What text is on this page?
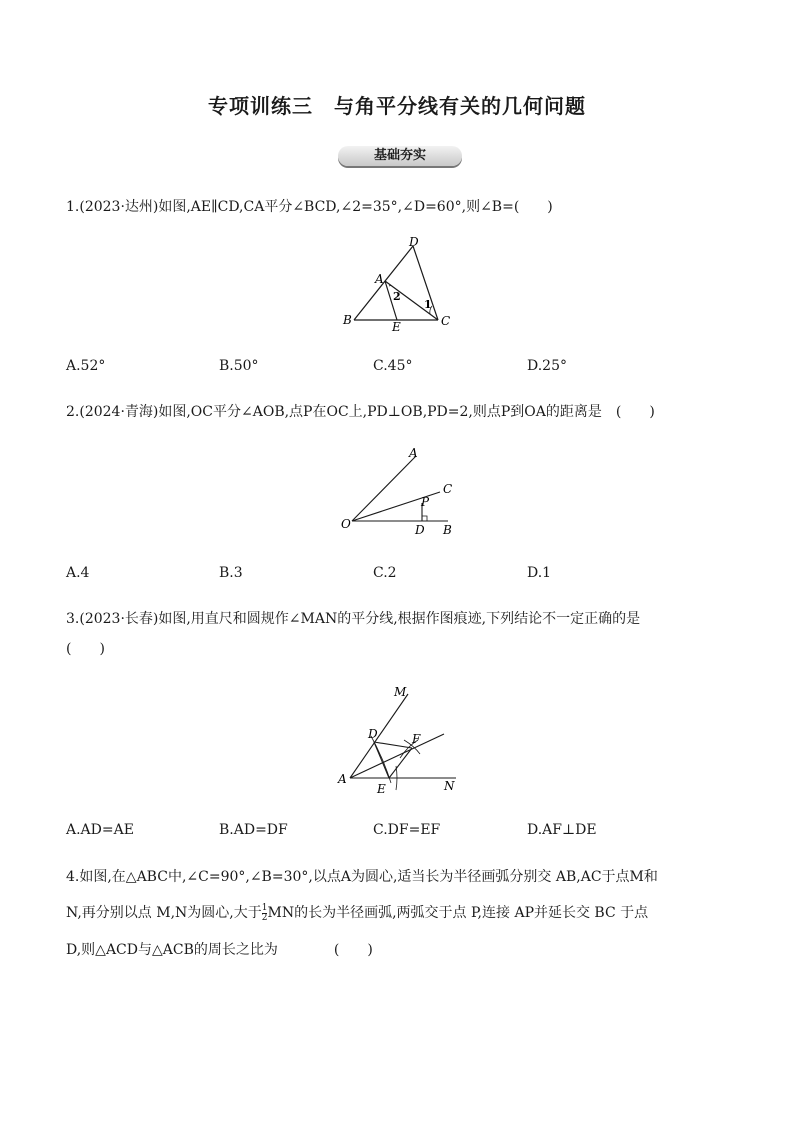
专项训练三　与角平分线有关的几何问题
基础夯实
1.(2023·达州)如图,AE∥CD,CA平分∠BCD,∠2=35°,∠D=60°,则∠B=(　　)
D
A
B	E	C
2
1
A.52°	B.50°	C.45°	D.25°
2.(2024·青海)如图,OC平分∠AOB,点P在OC上,PD⊥OB,PD=2,则点P到OA的距离是　(　　)
A
C
P
O	D B
A.4	B.3	C.2	D.1
3.(2023·长春)如图,用直尺和圆规作∠MAN的平分线,根据作图痕迹,下列结论不一定正确的是
(　　)
M
D	F
A
E	N
A.AD=AE	B.AD=DF	C.DF=EF	D.AF⊥DE
4.如图,在△ABC中,∠C=90°,∠B=30°,以点A为圆心,适当长为半径画弧分别交 AB,AC于点M和
N,再分别以点 M,N为圆心,大于 $\frac{1}{2}$ MN的长为半径画弧,两弧交于点 P,连接 AP并延长交 BC 于点
D,则△ACD与△ACB的周长之比为　　　　(　　)
